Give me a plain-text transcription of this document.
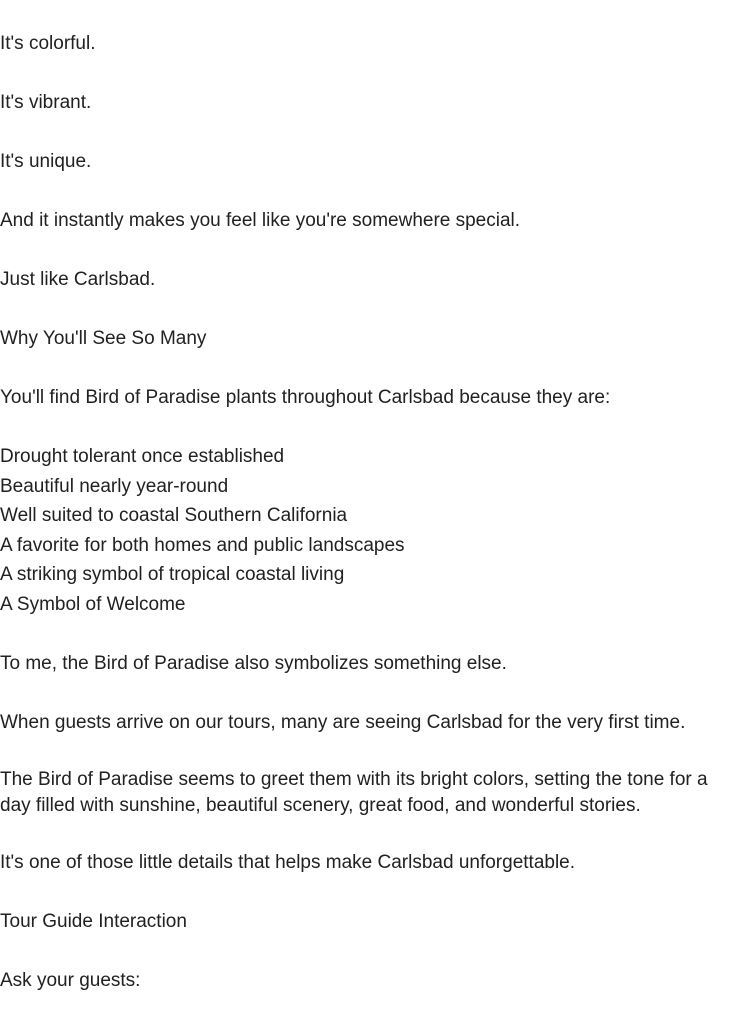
It's colorful.

It's vibrant.

It's unique.

And it instantly makes you feel like you're somewhere special.

Just like Carlsbad.

Why You'll See So Many

You'll find Bird of Paradise plants throughout Carlsbad because they are:

Drought tolerant once established
Beautiful nearly year-round
Well suited to coastal Southern California
A favorite for both homes and public landscapes
A striking symbol of tropical coastal living
A Symbol of Welcome

To me, the Bird of Paradise also symbolizes something else.

When guests arrive on our tours, many are seeing Carlsbad for the very first time.

The Bird of Paradise seems to greet them with its bright colors, setting the tone for a day filled with sunshine, beautiful scenery, great food, and wonderful stories.

It's one of those little details that helps make Carlsbad unforgettable.

Tour Guide Interaction

Ask your guests:
